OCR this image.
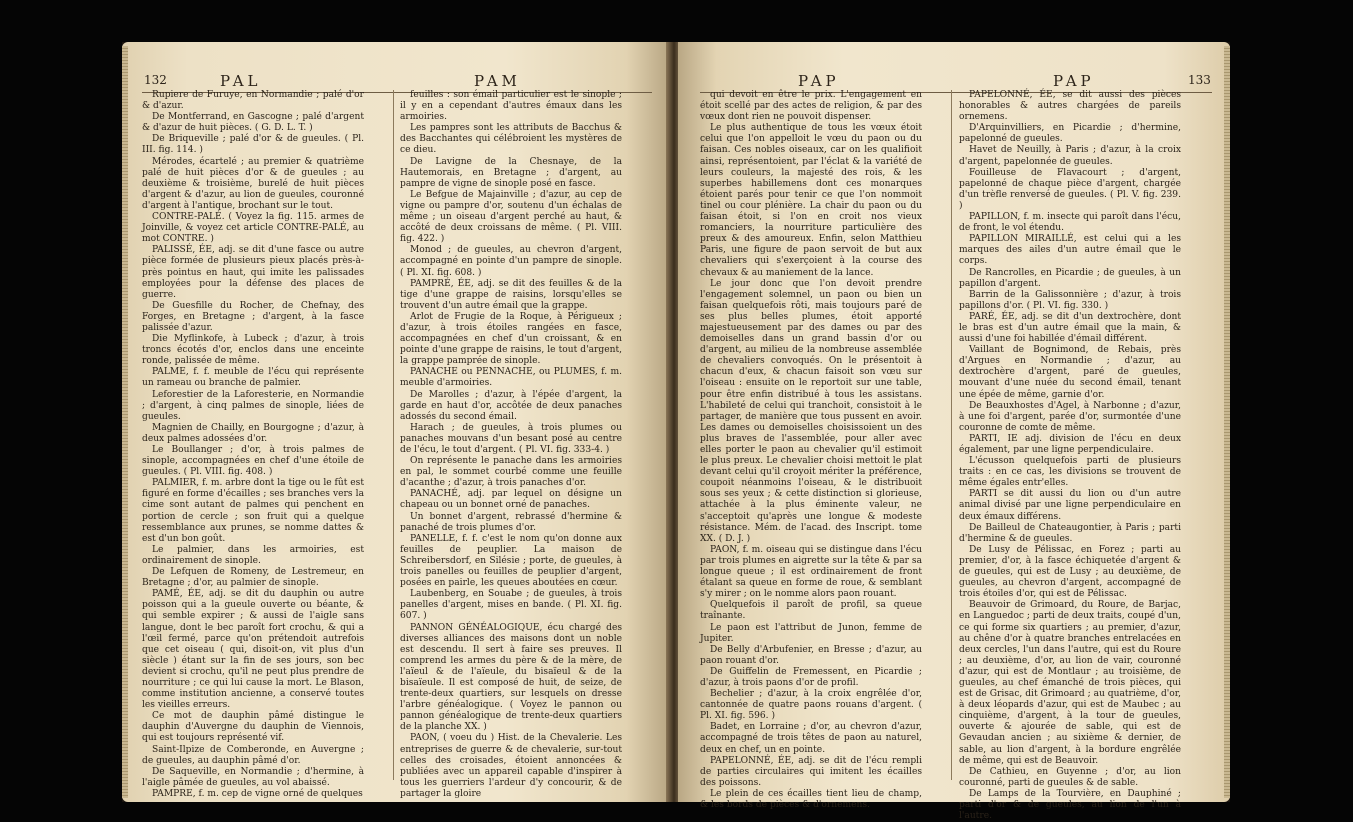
132	PAL	PAM

Rupiere de Furuye, en Normandie ; palé d'or & d'azur.

De Montferrand, en Gascogne ; palé d'argent & d'azur de huit pièces. ( G. D. L. T. )

De Briqueville ; palé d'or & de gueules. ( Pl. III. fig. 114. )

Mérodes, écartelé ; au premier & quatrième palé de huit pièces d'or & de gueules ; au deuxième & troisième, burelé de huit pièces d'argent & d'azur, au lion de gueules, couronné d'argent à l'antique, brochant sur le tout.

CONTRE-PALÉ. ( Voyez la fig. 115. armes de Joinville, & voyez cet article CONTRE-PALÉ, au mot CONTRE. )

PALISSÉ, ÉE, adj. se dit d'une fasce ou autre pièce formée de plusieurs pieux placés près-à-près pointus en haut, qui imite les palissades employées pour la défense des places de guerre.

De Guesfille du Rocher, de Chefnay, des Forges, en Bretagne ; d'argent, à la fasce palissée d'azur.

Die Myflinkofe, à Lubeck ; d'azur, à trois troncs écotés d'or, enclos dans une enceinte ronde, palissée de même.

PALME, f. f. meuble de l'écu qui représente un rameau ou branche de palmier.

Leforestier de la Laforesterie, en Normandie ; d'argent, à cinq palmes de sinople, liées de gueules.

Magnien de Chailly, en Bourgogne ; d'azur, à deux palmes adossées d'or.

Le Boullanger ; d'or, à trois palmes de sinople, accompagnées en chef d'une étoile de gueules. ( Pl. VIII. fig. 408. )

PALMIER, f. m. arbre dont la tige ou le fût est figuré en forme d'écailles ; ses branches vers la cime sont autant de palmes qui penchent en portion de cercle ; son fruit qui a quelque ressemblance aux prunes, se nomme dattes & est d'un bon goût.

Le palmier, dans les armoiries, est ordinairement de sinople.

De Lefquen de Romeny, de Lestremeur, en Bretagne ; d'or, au palmier de sinople.

PAMÉ, ÉE, adj. se dit du dauphin ou autre poisson qui a la gueule ouverte ou béante, & qui semble expirer ; & aussi de l'aigle sans langue, dont le bec paroît fort crochu, & qui a l'œil fermé, parce qu'on prétendoit autrefois que cet oiseau ( qui, disoit-on, vit plus d'un siècle ) étant sur la fin de ses jours, son bec devient si crochu, qu'il ne peut plus prendre de nourriture ; ce qui lui cause la mort. Le Blason, comme institution ancienne, a conservé toutes les vieilles erreurs.

Ce mot de dauphin pâmé distingue le dauphin d'Auvergne du dauphin de Viennois, qui est toujours représenté vif.

Saint-Ilpize de Comberonde, en Auvergne ; de gueules, au dauphin pâmé d'or.

De Saqueville, en Normandie ; d'hermine, à l'aigle pâmée de gueules, au vol abaissé.

PAMPRE, f. m. cep de vigne orné de quelques

feuilles : son émail particulier est le sinople ; il y en a cependant d'autres émaux dans les armoiries.

Les pampres sont les attributs de Bacchus & des Bacchantes qui célébroient les mystères de ce dieu.

De Lavigne de la Chesnaye, de la Hautemorais, en Bretagne ; d'argent, au pampre de vigne de sinople posé en fasce.

Le Befgue de Majainville ; d'azur, au cep de vigne ou pampre d'or, soutenu d'un échalas de même ; un oiseau d'argent perché au haut, & accôté de deux croissans de même. ( Pl. VIII. fig. 422. )

Monod ; de gueules, au chevron d'argent, accompagné en pointe d'un pampre de sinople. ( Pl. XI. fig. 608. )

PAMPRÉ, ÉE, adj. se dit des feuilles & de la tige d'une grappe de raisins, lorsqu'elles se trouvent d'un autre émail que la grappe.

Arlot de Frugie de la Roque, à Périgueux ; d'azur, à trois étoiles rangées en fasce, accompagnées en chef d'un croissant, & en pointe d'une grappe de raisins, le tout d'argent, la grappe pamprée de sinople.

PANACHE ou PENNACHE, ou PLUMES, f. m. meuble d'armoiries.

De Marolles ; d'azur, à l'épée d'argent, la garde en haut d'or, accôtée de deux panaches adossés du second émail.

Harach ; de gueules, à trois plumes ou panaches mouvans d'un besant posé au centre de l'écu, le tout d'argent. ( Pl. VI. fig. 333-4. )

On représente le panache dans les armoiries en pal, le sommet courbé comme une feuille d'acanthe ; d'azur, à trois panaches d'or.

PANACHÉ, adj. par lequel on désigne un chapeau ou un bonnet orné de panaches.

Un bonnet d'argent, rebrassé d'hermine & panaché de trois plumes d'or.

PANELLE, f. f. c'est le nom qu'on donne aux feuilles de peuplier. La maison de Schreibersdorf, en Silésie ; porte, de gueules, à trois panelles ou feuilles de peuplier d'argent, posées en pairle, les queues aboutées en cœur.

Laubenberg, en Souabe ; de gueules, à trois panelles d'argent, mises en bande. ( Pl. XI. fig. 607. )

PANNON GÉNÉALOGIQUE, écu chargé des diverses alliances des maisons dont un noble est descendu. Il sert à faire ses preuves. Il comprend les armes du père & de la mère, de l'aïeul & de l'aïeule, du bisaïeul & de la bisaïeule. Il est composé de huit, de seize, de trente-deux quartiers, sur lesquels on dresse l'arbre généalogique. ( Voyez le pannon ou pannon généalogique de trente-deux quartiers de la planche XX. )

PAON, ( voeu du ) Hist. de la Chevalerie. Les entreprises de guerre & de chevalerie, sur-tout celles des croisades, étoient annoncées & publiées avec un appareil capable d'inspirer à tous les guerriers l'ardeur d'y concourir, & de partager la gloire

PAP	PAP	133

qui devoit en être le prix. L'engagement en étoit scellé par des actes de religion, & par des vœux dont rien ne pouvoit dispenser.

Le plus authentique de tous les vœux étoit celui que l'on appelloit le vœu du paon ou du faisan. Ces nobles oiseaux, car on les qualifioit ainsi, représentoient, par l'éclat & la variété de leurs couleurs, la majesté des rois, & les superbes habillemens dont ces monarques étoient parés pour tenir ce que l'on nommoit tinel ou cour plénière. La chair du paon ou du faisan étoit, si l'on en croit nos vieux romanciers, la nourriture particulière des preux & des amoureux. Enfin, selon Matthieu Paris, une figure de paon servoit de but aux chevaliers qui s'exerçoient à la course des chevaux & au maniement de la lance.

Le jour donc que l'on devoit prendre l'engagement solemnel, un paon ou bien un faisan quelquefois rôti, mais toujours paré de ses plus belles plumes, étoit apporté majestueusement par des dames ou par des demoiselles dans un grand bassin d'or ou d'argent, au milieu de la nombreuse assemblée de chevaliers convoqués. On le présentoit à chacun d'eux, & chacun faisoit son vœu sur l'oiseau : ensuite on le reportoit sur une table, pour être enfin distribué à tous les assistans. L'habileté de celui qui tranchoit, consistoit à le partager, de manière que tous pussent en avoir. Les dames ou demoiselles choisissoient un des plus braves de l'assemblée, pour aller avec elles porter le paon au chevalier qu'il estimoit le plus preux. Le chevalier choisi mettoit le plat devant celui qu'il croyoit mériter la préférence, coupoit néanmoins l'oiseau, & le distribuoit sous ses yeux ; & cette distinction si glorieuse, attachée à la plus éminente valeur, ne s'acceptoit qu'après une longue & modeste résistance. Mém. de l'acad. des Inscript. tome XX. ( D. J. )

PAON, f. m. oiseau qui se distingue dans l'écu par trois plumes en aigrette sur la tête & par sa longue queue ; il est ordinairement de front étalant sa queue en forme de roue, & semblant s'y mirer ; on le nomme alors paon rouant.

Quelquefois il paroît de profil, sa queue traînante.

Le paon est l'attribut de Junon, femme de Jupiter.

De Belly d'Arbufenier, en Bresse ; d'azur, au paon rouant d'or.

De Guiffelin de Fremessent, en Picardie ; d'azur, à trois paons d'or de profil.

Bechelier ; d'azur, à la croix engrêlée d'or, cantonnée de quatre paons rouans d'argent. ( Pl. XI. fig. 596. )

Badet, en Lorraine ; d'or, au chevron d'azur, accompagné de trois têtes de paon au naturel, deux en chef, un en pointe.

PAPELONNÉ, ÉE, adj. se dit de l'écu rempli de parties circulaires qui imitent les écailles des poissons.

Le plein de ces écailles tient lieu de champ, & les bords de pièces & d'ornemens.

PAPELONNÉ, ÉE, se dit aussi des pièces honorables & autres chargées de pareils ornemens.

D'Arquinvilliers, en Picardie ; d'hermine, papelonné de gueules.

Havet de Neuilly, à Paris ; d'azur, à la croix d'argent, papelonnée de gueules.

Fouilleuse de Flavacourt ; d'argent, papelonné de chaque pièce d'argent, chargée d'un trèfle renversé de gueules. ( Pl. V. fig. 239. )

PAPILLON, f. m. insecte qui paroît dans l'écu, de front, le vol étendu.

PAPILLON MIRAILLÉ, est celui qui a les marques des ailes d'un autre émail que le corps.

De Rancrolles, en Picardie ; de gueules, à un papillon d'argent.

Barrin de la Galissonnière ; d'azur, à trois papillons d'or. ( Pl. VI. fig. 330. )

PARÉ, ÉE, adj. se dit d'un dextrochère, dont le bras est d'un autre émail que la main, & aussi d'une foi habillée d'émail différent.

Vaillant de Bognimond, de Rebais, près d'Argues en Normandie ; d'azur, au dextrochère d'argent, paré de gueules, mouvant d'une nuée du second émail, tenant une épée de même, garnie d'or.

De Beauxhostes d'Agel, à Narbonne ; d'azur, à une foi d'argent, parée d'or, surmontée d'une couronne de comte de même.

PARTI, IE adj. division de l'écu en deux également, par une ligne perpendiculaire.

L'écusson quelquefois parti de plusieurs traits : en ce cas, les divisions se trouvent de même égales entr'elles.

PARTI se dit aussi du lion ou d'un autre animal divisé par une ligne perpendiculaire en deux émaux différens.

De Bailleul de Chateaugontier, à Paris ; parti d'hermine & de gueules.

De Lusy de Pélissac, en Forez ; parti au premier, d'or, à la fasce échiquetée d'argent & de gueules, qui est de Lusy ; au deuxième, de gueules, au chevron d'argent, accompagné de trois étoiles d'or, qui est de Pélissac.

Beauvoir de Grimoard, du Roure, de Barjac, en Languedoc ; parti de deux traits, coupé d'un, ce qui forme six quartiers ; au premier, d'azur, au chêne d'or à quatre branches entrelacées en deux cercles, l'un dans l'autre, qui est du Roure ; au deuxième, d'or, au lion de vair, couronné d'azur, qui est de Montlaur ; au troisième, de gueules, au chef émanché de trois pièces, qui est de Grisac, dit Grimoard ; au quatrième, d'or, à deux léopards d'azur, qui est de Maubec ; au cinquième, d'argent, à la tour de gueules, ouverte & ajourée de sable, qui est de Gevaudan ancien ; au sixième & dernier, de sable, au lion d'argent, à la bordure engrêlée de même, qui est de Beauvoir.

De Cathieu, en Guyenne ; d'or, au lion couronné, parti de gueules & de sable.

De Lamps de la Tourvière, en Dauphiné ; parti d'or & de gueules, au lion de l'un à l'autre.
